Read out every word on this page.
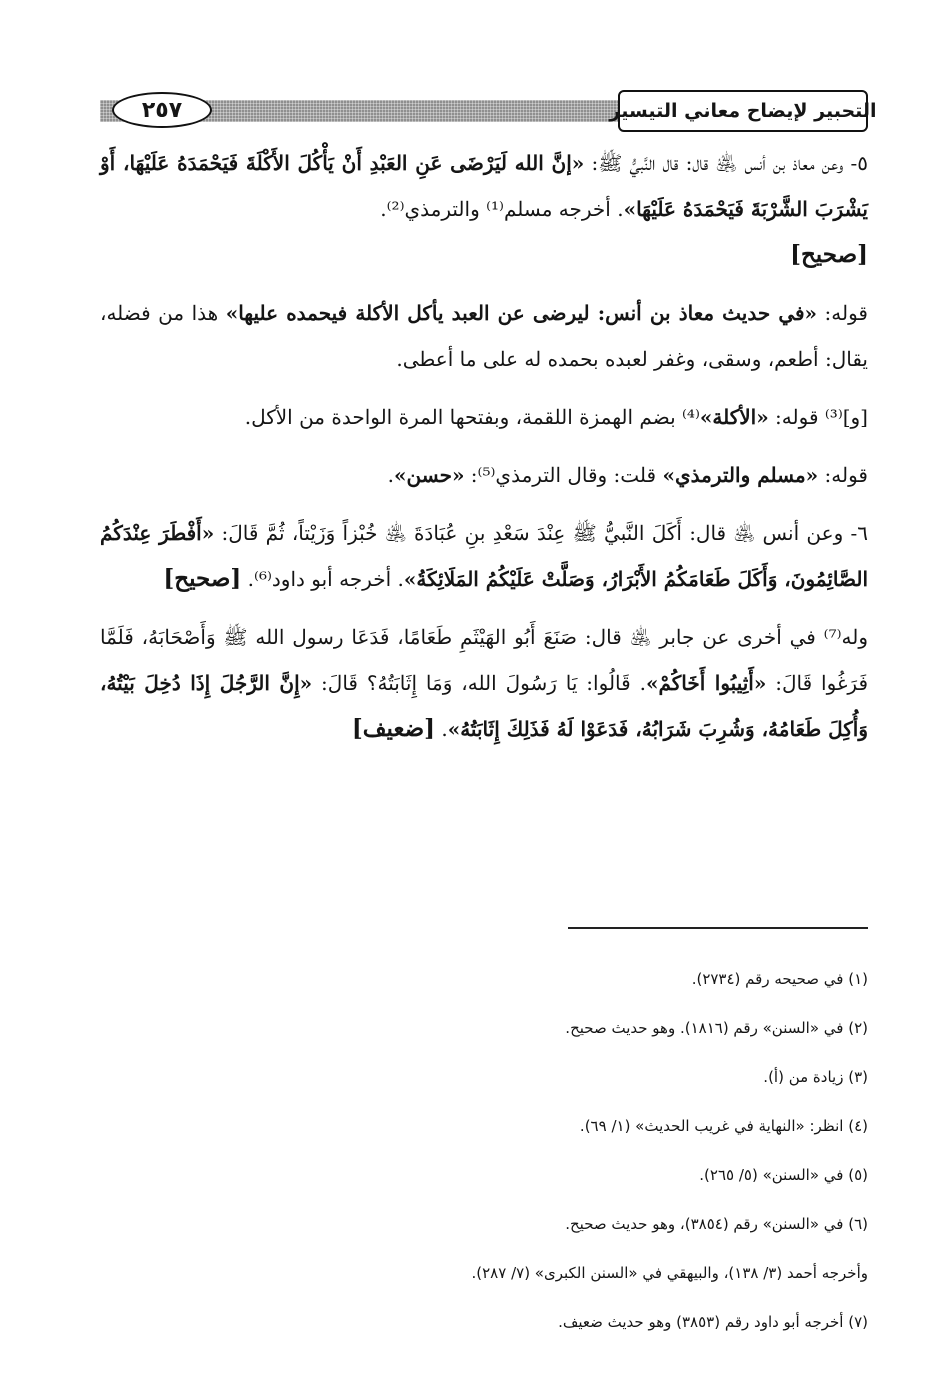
٢٥٧	التحبير لإيضاح معاني التيسير

٥- وعن معاذ بن أنس ﵁ قال: قال النَّبيُّ ﷺ: «إنَّ الله لَيَرْضَى عَنِ العَبْدِ أَنْ يَأْكُلَ الأَكْلَةَ فَيَحْمَدَهُ عَلَيْهَا، أَوْ يَشْرَبَ الشَّرْبَةَ فَيَحْمَدَهُ عَلَيْهَا». أخرجه مسلم⁽¹⁾ والترمذي⁽²⁾.
[صحيح]

قوله: «في حديث معاذ بن أنس: ليرضى عن العبد يأكل الأكلة فيحمده عليها» هذا من فضله، يقال: أطعم، وسقى، وغفر لعبده بحمده له على ما أعطى.

[و]⁽³⁾ قوله: «الأكلة»⁽⁴⁾ بضم الهمزة اللقمة، وبفتحها المرة الواحدة من الأكل.

قوله: «مسلم والترمذي» قلت: وقال الترمذي⁽⁵⁾: «حسن».

٦- وعن أنس ﵁ قال: أَكَلَ النَّبيُّ ﷺ عِنْدَ سَعْدِ بنِ عُبَادَةَ ﵁ خُبْزاً وَزَيْتاً، ثُمَّ قَالَ: «أَفْطَرَ عِنْدَكُمُ الصَّائِمُونَ، وَأَكَلَ طَعَامَكُمُ الأَبْرَارُ، وَصَلَّتْ عَلَيْكُمُ المَلَائِكَةُ». أخرجه أبو داود⁽⁶⁾. [صحيح]

وله⁽⁷⁾ في أخرى عن جابر ﵁ قال: صَنَعَ أَبُو الهَيْثَمِ طَعَامًا، فَدَعَا رسول الله ﷺ وَأَصْحَابَهُ، فَلَمَّا فَرَغُوا قَالَ: «أَثِيبُوا أَخَاكُمْ». قَالُوا: يَا رَسُولَ الله، وَمَا إِثَابَتُهُ؟ قَالَ: «إِنَّ الرَّجُلَ إِذَا دُخِلَ بَيْتُهُ، وَأُكِلَ طَعَامُهُ، وَشُرِبَ شَرَابُهُ، فَدَعَوْا لَهُ فَذَلِكَ إِثَابَتُهُ». [ضعيف]

(١) في صحيحه رقم (٢٧٣٤).
(٢) في «السنن» رقم (١٨١٦). وهو حديث صحيح.
(٣) زيادة من (أ).
(٤) انظر: «النهاية في غريب الحديث» (١/ ٦٩).
(٥) في «السنن» (٥/ ٢٦٥).
(٦) في «السنن» رقم (٣٨٥٤)، وهو حديث صحيح.
وأخرجه أحمد (٣/ ١٣٨)، والبيهقي في «السنن الكبرى» (٧/ ٢٨٧).
(٧) أخرجه أبو داود رقم (٣٨٥٣) وهو حديث ضعيف.
